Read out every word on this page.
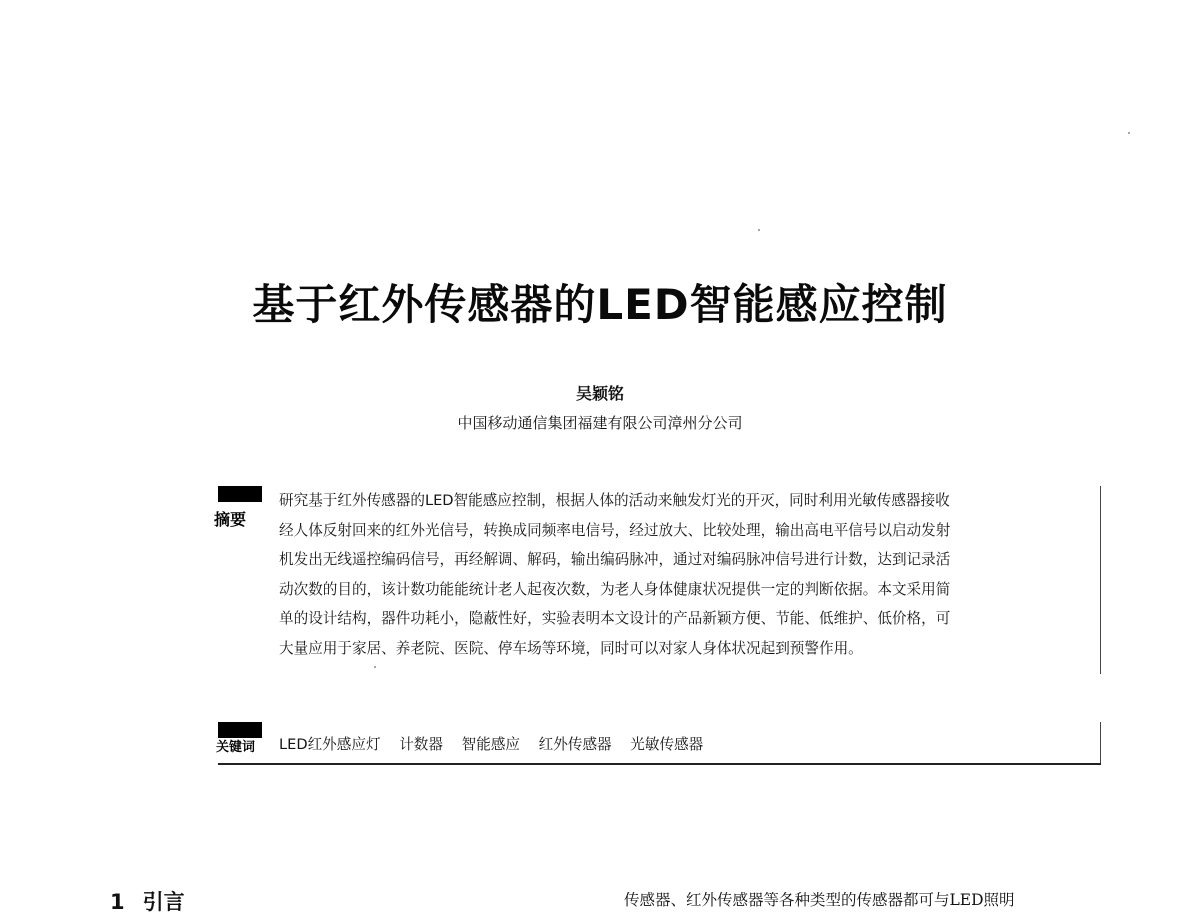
基于红外传感器的LED智能感应控制

吴颖铭

中国移动通信集团福建有限公司漳州分公司

摘要
研究基于红外传感器的LED智能感应控制，根据人体的活动来触发灯光的开灭，同时利用光敏传感器接收
经人体反射回来的红外光信号，转换成同频率电信号，经过放大、比较处理，输出高电平信号以启动发射
机发出无线遥控编码信号，再经解调、解码，输出编码脉冲，通过对编码脉冲信号进行计数，达到记录活
动次数的目的，该计数功能能统计老人起夜次数，为老人身体健康状况提供一定的判断依据。本文采用简
单的设计结构，器件功耗小，隐蔽性好，实验表明本文设计的产品新颖方便、节能、低维护、低价格，可
大量应用于家居、养老院、医院、停车场等环境，同时可以对家人身体状况起到预警作用。
关键词 LED红外感应灯 计数器 智能感应 红外传感器 光敏传感器
1 引言	传感器、红外传感器等各种类型的传感器都可与LED照明
